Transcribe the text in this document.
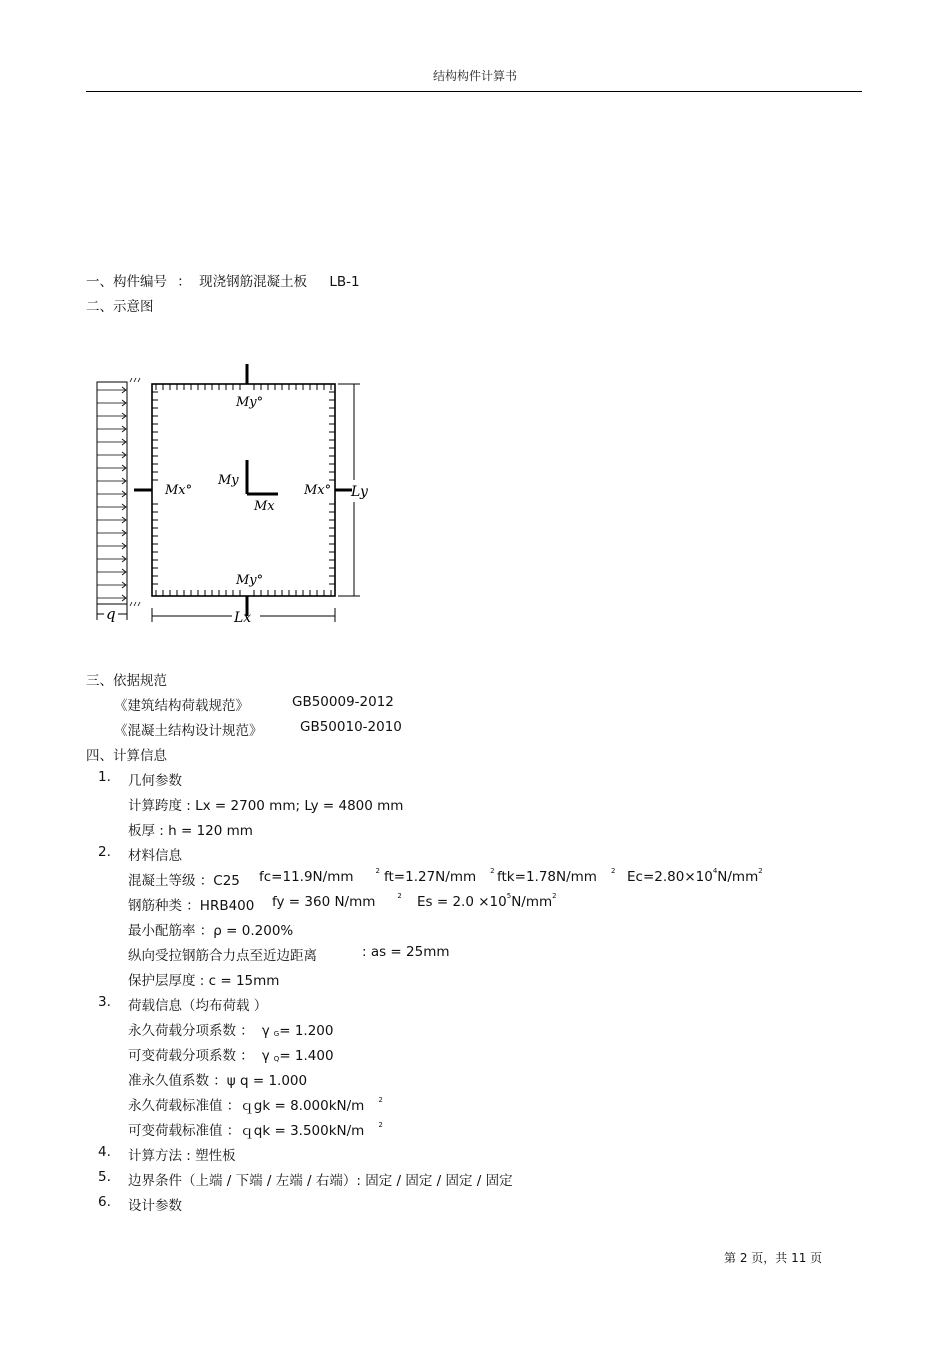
结构构件计算书
一、构件编号 ： 现浇钢筋混凝土板 LB-1
二、示意图
q
My°
My°
Mx°	Mx°
My
Mx
Ly
Lx
三、依据规范
《建筑结构荷载规范》	GB50009-2012
《混凝土结构设计规范》	GB50010-2010
四、计算信息
1. 几何参数
计算跨度 : Lx = 2700 mm; Ly = 4800 mm
板厚 : h = 120 mm
2. 材料信息
混凝土等级 ：C25 fc=11.9N/mm	$^2$ ft=1.27N/mm $^2$ ftk=1.78N/mm $^2$ $Ec=2.80\times 10^4N/mm^2$
钢筋种类 ：HRB400 fy = 360 N/mm	$^2$ $Es = 2.0 \times 10^5N/mm^2$
最小配筋率 ：ρ = 0.200%
纵向受拉钢筋合力点至近边距离	: as = 25mm
保护层厚度 : c = 15mm
3. 荷载信息（均布荷载 ）
永久荷载分项系数 ： γ G= 1.200
可变荷载分项系数 ： γ Q= 1.400
准永久值系数 ：ψ q = 1.000
永久荷载标准值 ：ｑgk = 8.000kN/m $^2$
可变荷载标准值 ：ｑqk = 3.500kN/m $^2$
4. 计算方法 : 塑性板
5. 边界条件（上端 / 下端 / 左端 / 右端）: 固定 / 固定 / 固定 / 固定
6. 设计参数
第 2 页，共 11 页
